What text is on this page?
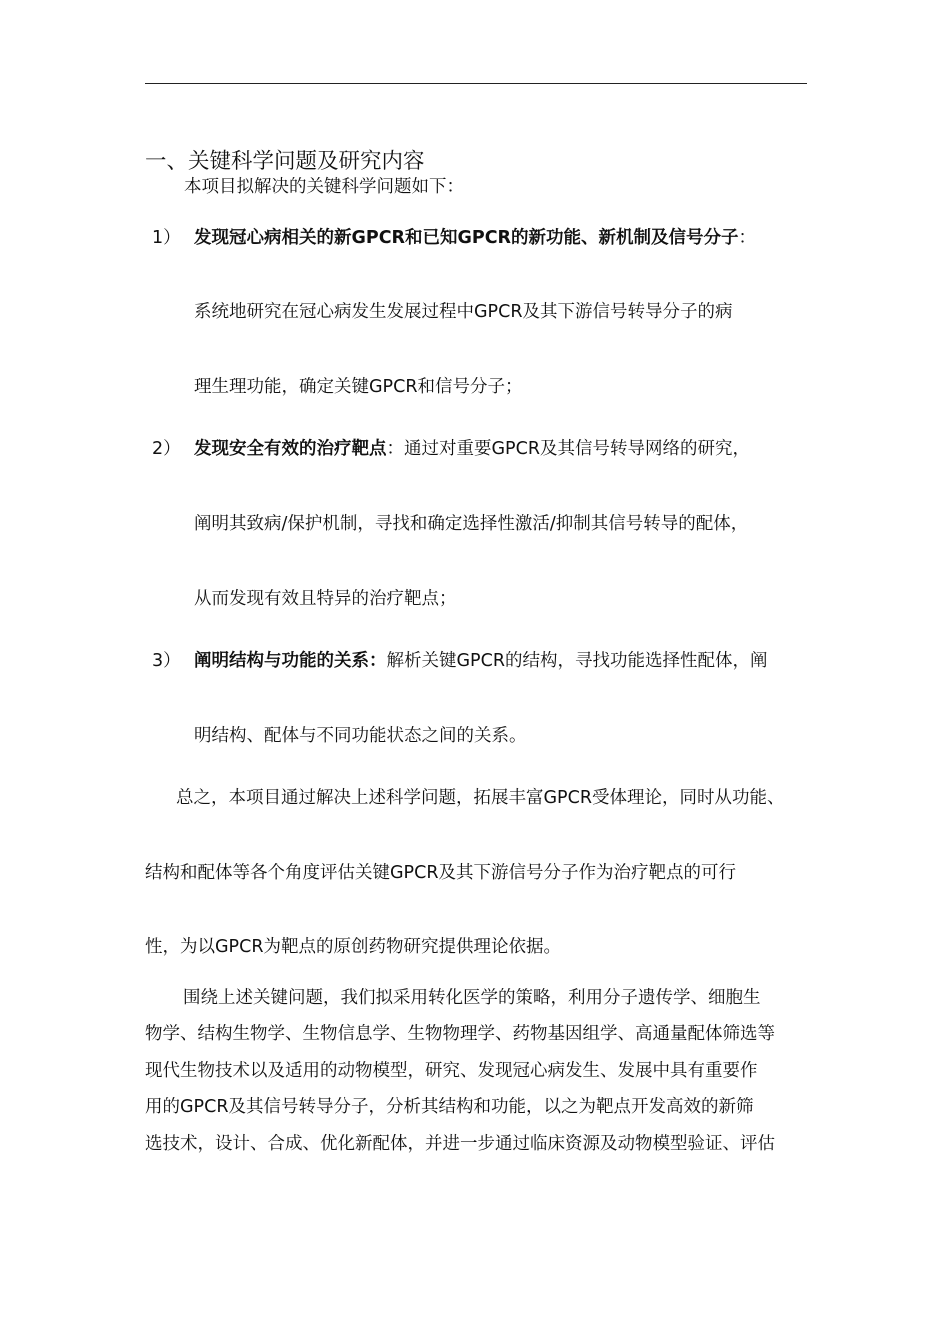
一、关键科学问题及研究内容
本项目拟解决的关键科学问题如下：
1） 发现冠心病相关的新GPCR和已知GPCR的新功能、新机制及信号分子：
系统地研究在冠心病发生发展过程中GPCR及其下游信号转导分子的病
理生理功能，确定关键GPCR和信号分子；
2） 发现安全有效的治疗靶点：通过对重要GPCR及其信号转导网络的研究，
阐明其致病/保护机制，寻找和确定选择性激活/抑制其信号转导的配体，
从而发现有效且特异的治疗靶点；
3） 阐明结构与功能的关系：解析关键GPCR的结构，寻找功能选择性配体，阐
明结构、配体与不同功能状态之间的关系。
总之，本项目通过解决上述科学问题，拓展丰富GPCR受体理论，同时从功能、
结构和配体等各个角度评估关键GPCR及其下游信号分子作为治疗靶点的可行
性，为以GPCR为靶点的原创药物研究提供理论依据。
围绕上述关键问题，我们拟采用转化医学的策略，利用分子遗传学、细胞生
物学、结构生物学、生物信息学、生物物理学、药物基因组学、高通量配体筛选等
现代生物技术以及适用的动物模型，研究、发现冠心病发生、发展中具有重要作
用的GPCR及其信号转导分子，分析其结构和功能，以之为靶点开发高效的新筛
选技术，设计、合成、优化新配体，并进一步通过临床资源及动物模型验证、评估
